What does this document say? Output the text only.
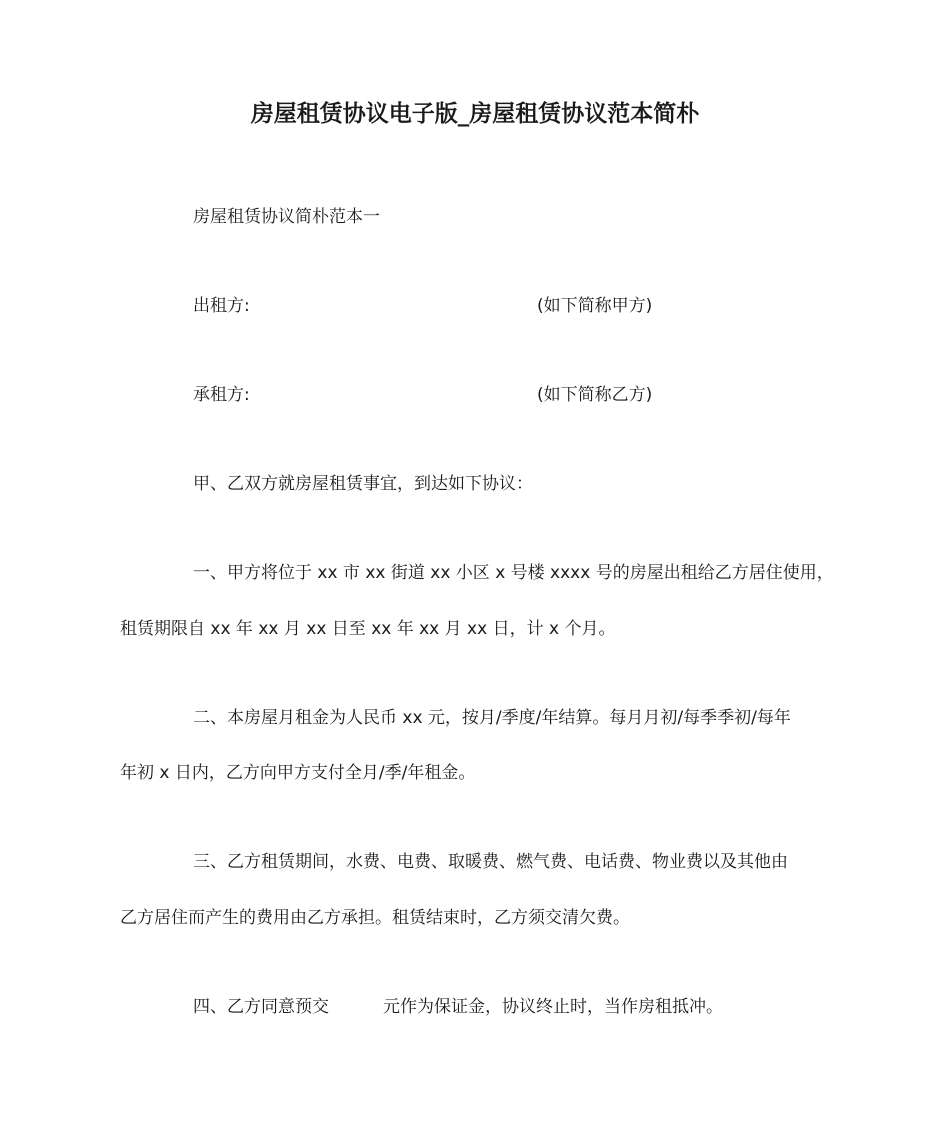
房屋租赁协议电子版_房屋租赁协议范本简朴
房屋租赁协议简朴范本一
出租方:	(如下简称甲方)
承租方:	(如下简称乙方)
甲、乙双方就房屋租赁事宜，到达如下协议：
一、甲方将位于 xx 市 xx 街道 xx 小区 x 号楼 xxxx 号的房屋出租给乙方居住使用，
租赁期限自 xx 年 xx 月 xx 日至 xx 年 xx 月 xx 日，计 x 个月。
二、本房屋月租金为人民币 xx 元，按月/季度/年结算。每月月初/每季季初/每年
年初 x 日内，乙方向甲方支付全月/季/年租金。
三、乙方租赁期间，水费、电费、取暖费、燃气费、电话费、物业费以及其他由
乙方居住而产生的费用由乙方承担。租赁结束时，乙方须交清欠费。
四、乙方同意预交	元作为保证金，协议终止时，当作房租抵冲。
